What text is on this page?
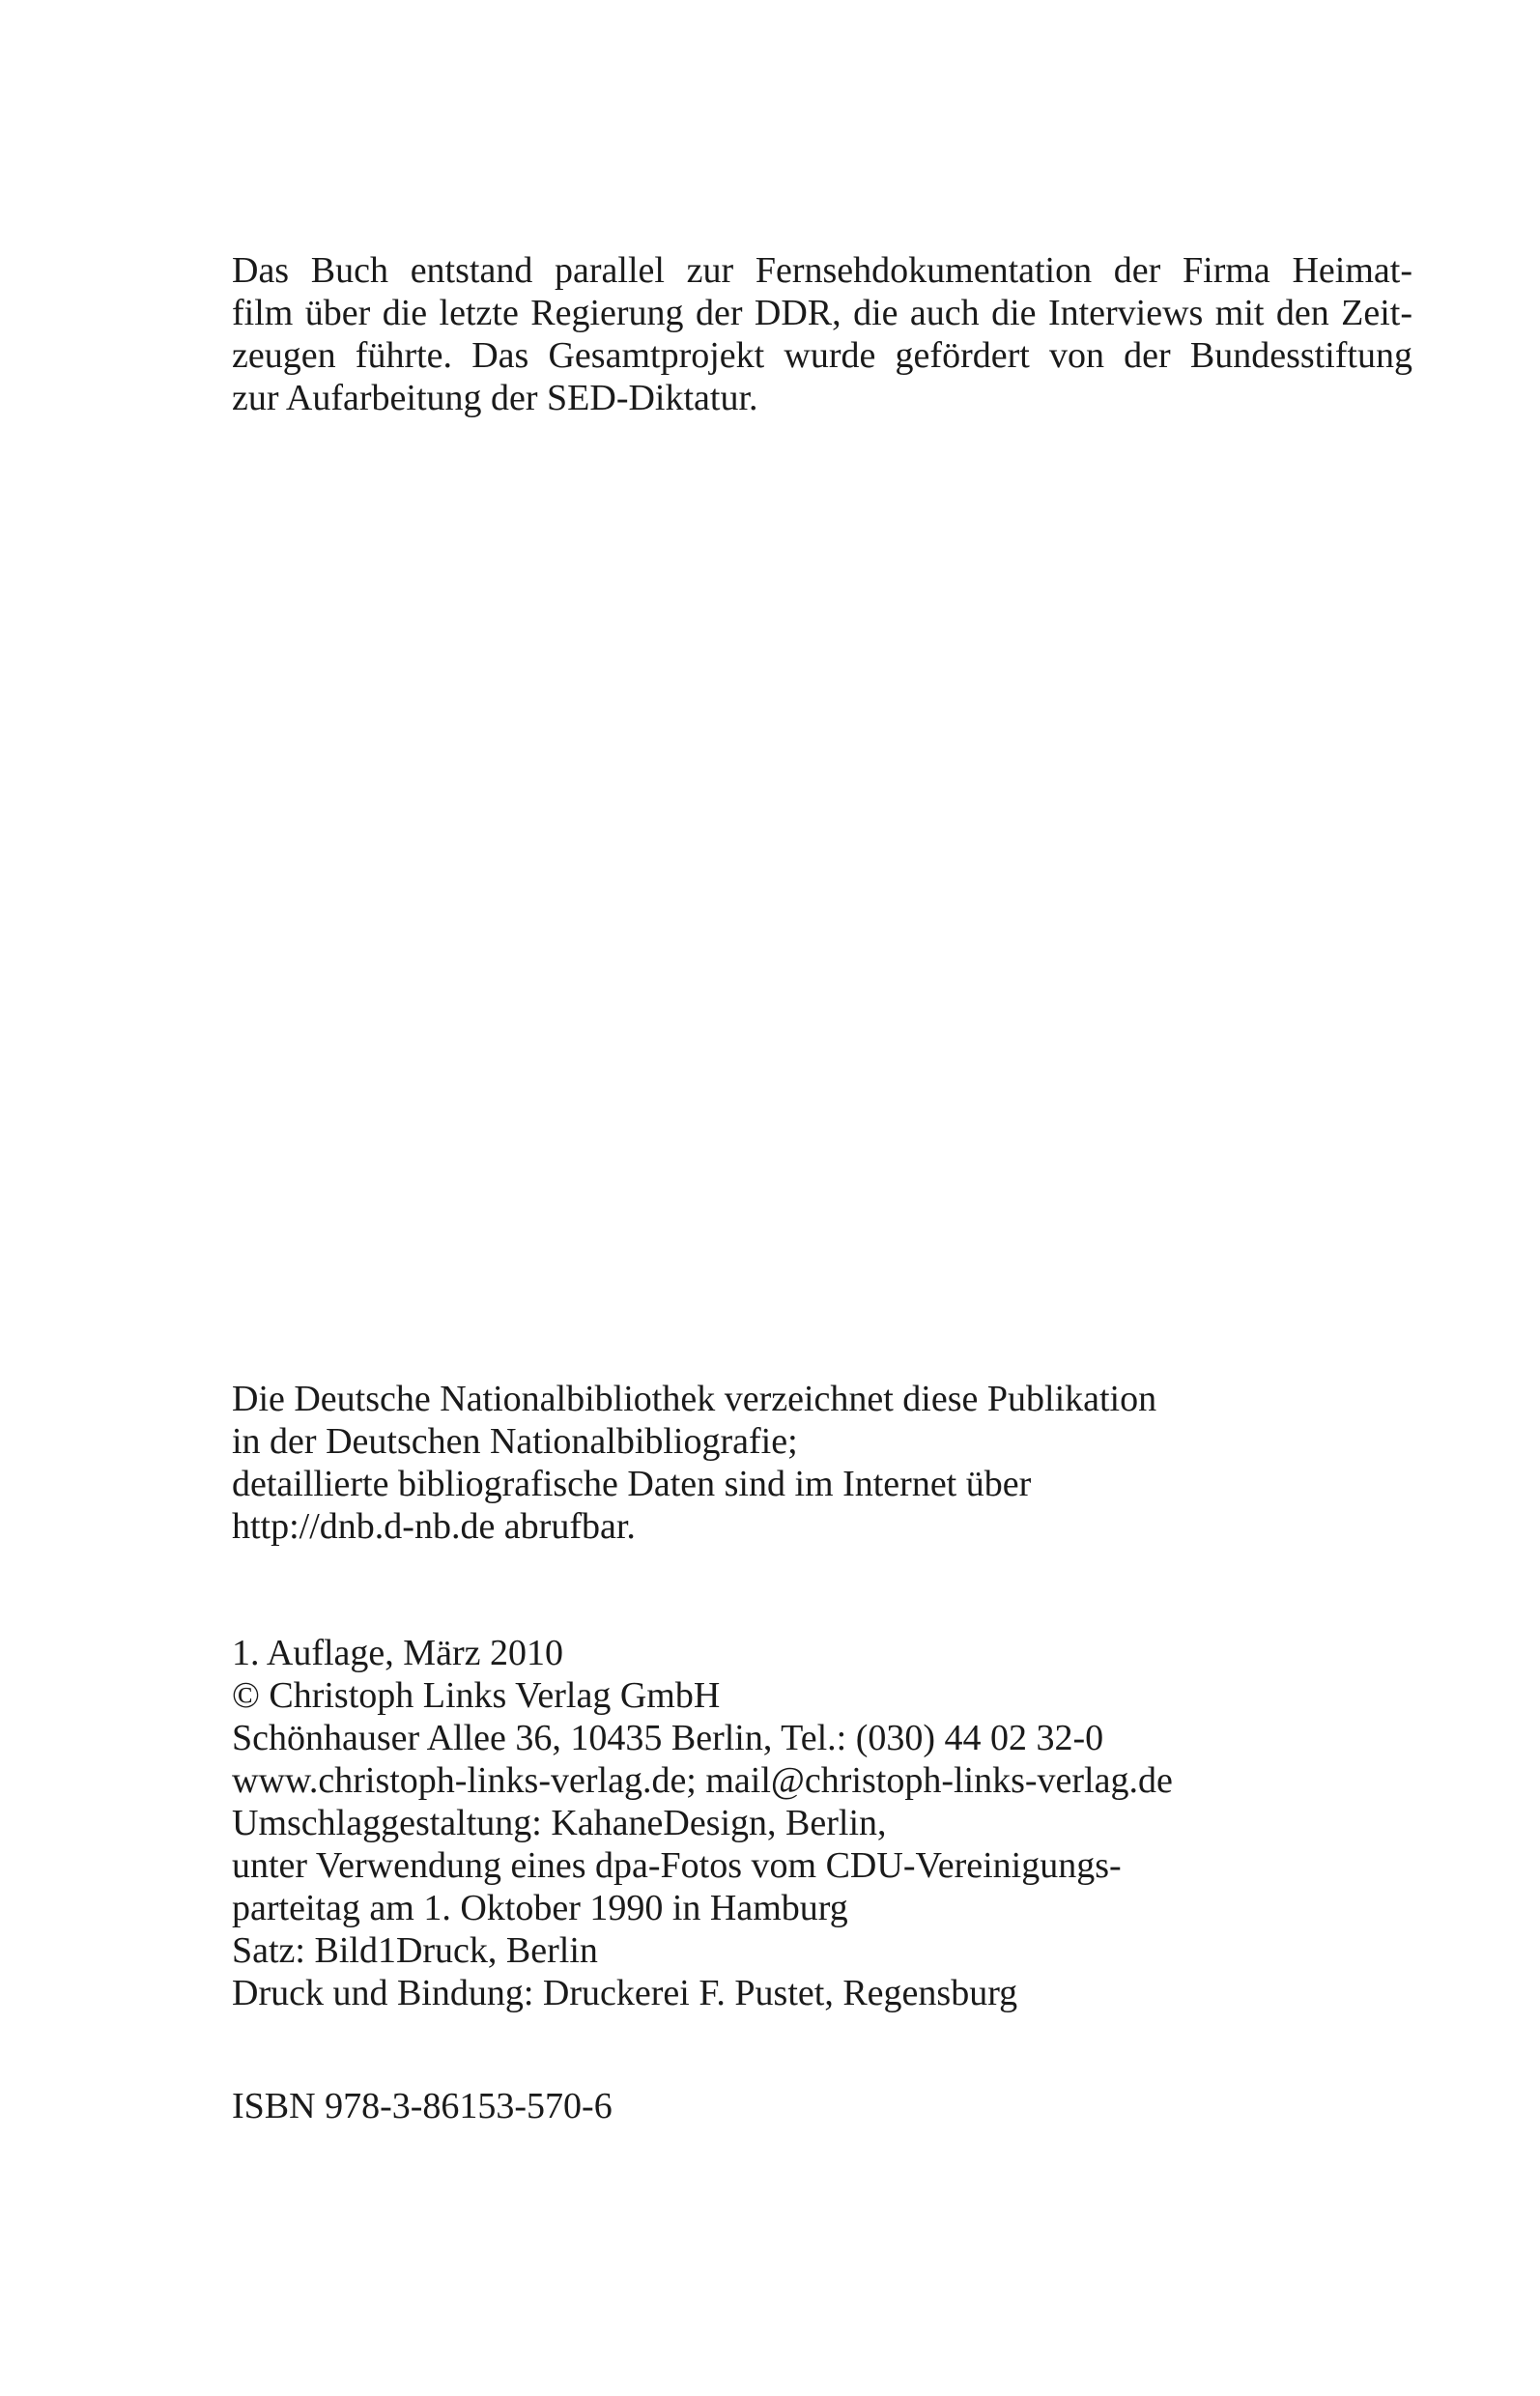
Das Buch entstand parallel zur Fernsehdokumentation der Firma Heimat-
film über die letzte Regierung der DDR, die auch die Interviews mit den Zeit-
zeugen führte. Das Gesamtprojekt wurde gefördert von der Bundesstiftung
zur Aufarbeitung der SED-Diktatur.
Die Deutsche Nationalbibliothek verzeichnet diese Publikation
in der Deutschen Nationalbibliografie;
detaillierte bibliografische Daten sind im Internet über
http://dnb.d-nb.de abrufbar.
1. Auflage, März 2010
© Christoph Links Verlag GmbH
Schönhauser Allee 36, 10435 Berlin, Tel.: (030) 44 02 32-0
www.christoph-links-verlag.de; mail@christoph-links-verlag.de
Umschlaggestaltung: KahaneDesign, Berlin,
unter Verwendung eines dpa-Fotos vom CDU-Vereinigungs-
parteitag am 1. Oktober 1990 in Hamburg
Satz: Bild1Druck, Berlin
Druck und Bindung: Druckerei F. Pustet, Regensburg
ISBN 978-3-86153-570-6
